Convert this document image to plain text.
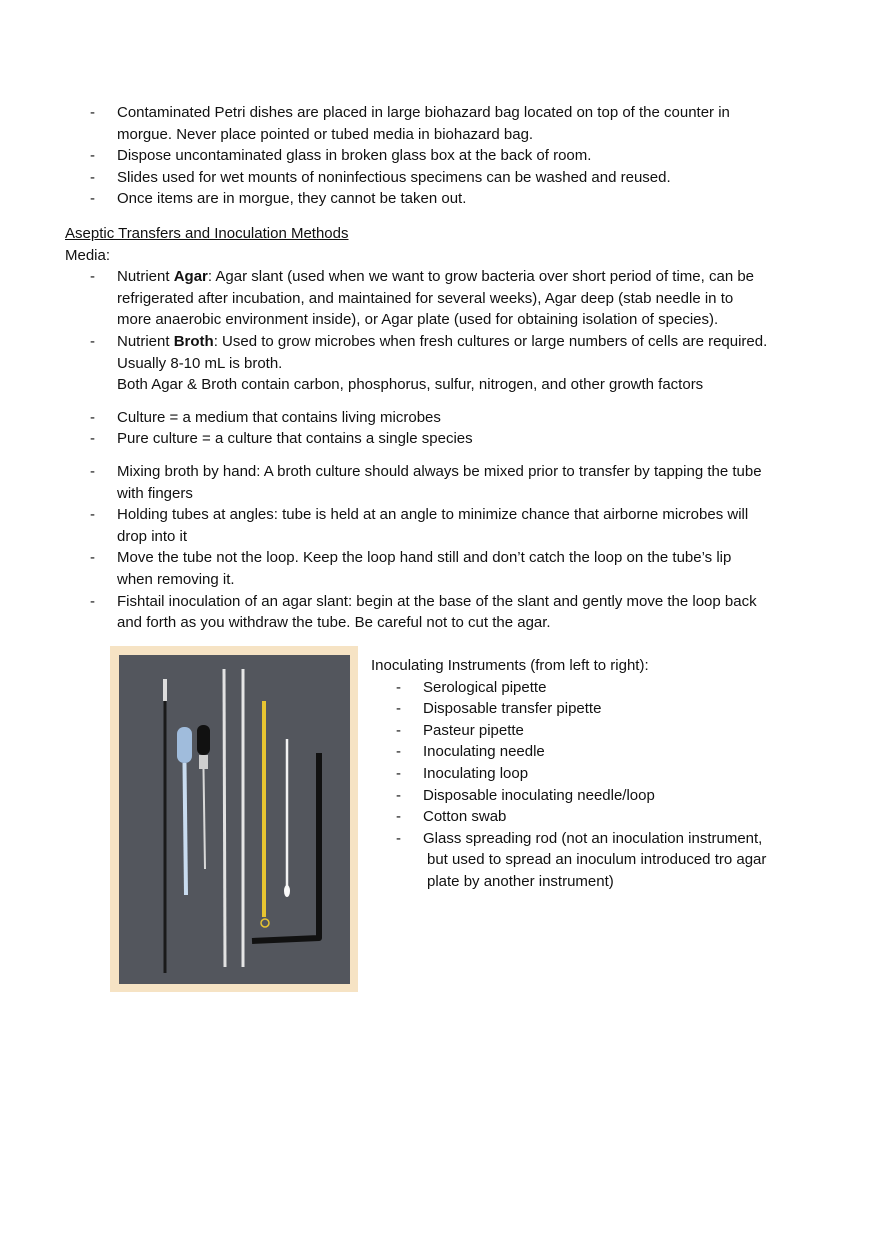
- Contaminated Petri dishes are placed in large biohazard bag located on top of the counter in
morgue. Never place pointed or tubed media in biohazard bag.
- Dispose uncontaminated glass in broken glass box at the back of room.
- Slides used for wet mounts of noninfectious specimens can be washed and reused.
- Once items are in morgue, they cannot be taken out.
Aseptic Transfers and Inoculation Methods
Media:
- Nutrient Agar: Agar slant (used when we want to grow bacteria over short period of time, can be
refrigerated after incubation, and maintained for several weeks), Agar deep (stab needle in to
more anaerobic environment inside), or Agar plate (used for obtaining isolation of species).
- Nutrient Broth: Used to grow microbes when fresh cultures or large numbers of cells are required.
Usually 8-10 mL is broth.
Both Agar & Broth contain carbon, phosphorus, sulfur, nitrogen, and other growth factors
- Culture = a medium that contains living microbes
- Pure culture = a culture that contains a single species
- Mixing broth by hand: A broth culture should always be mixed prior to transfer by tapping the tube
with fingers
- Holding tubes at angles: tube is held at an angle to minimize chance that airborne microbes will
drop into it
- Move the tube not the loop. Keep the loop hand still and don’t catch the loop on the tube’s lip
when removing it.
- Fishtail inoculation of an agar slant: begin at the base of the slant and gently move the loop back
and forth as you withdraw the tube. Be careful not to cut the agar.
Inoculating Instruments (from left to right):
- Serological pipette
- Disposable transfer pipette
- Pasteur pipette
- Inoculating needle
- Inoculating loop
- Disposable inoculating needle/loop
- Cotton swab
- Glass spreading rod (not an inoculation instrument,
but used to spread an inoculum introduced tro agar
plate by another instrument)
